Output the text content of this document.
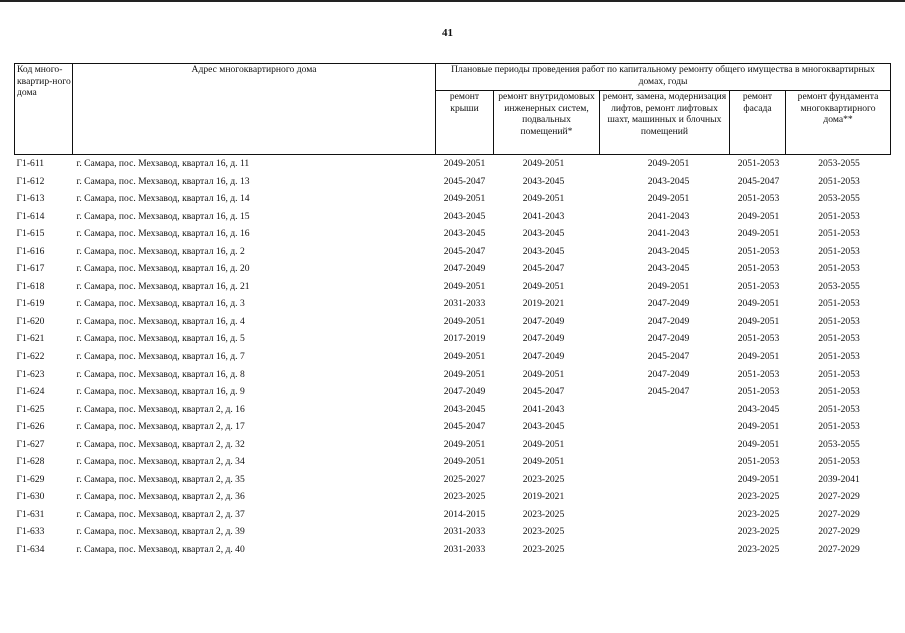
41
Код много-квартир-ного дома	Адрес многоквартирного дома	Плановые периоды проведения работ по капитальному ремонту общего имущества в многоквартирных домах, годы				
		ремонт крыши	ремонт внутридомовых инженерных систем, подвальных помещений*	ремонт, замена, модернизация лифтов, ремонт лифтовых шахт, машинных и блочных помещений	ремонт фасада	ремонт фундамента многоквартирного дома**
Г1-611	г. Самара, пос. Мехзавод, квартал 16, д. 11	2049-2051	2049-2051	2049-2051	2051-2053	2053-2055
Г1-612	г. Самара, пос. Мехзавод, квартал 16, д. 13	2045-2047	2043-2045	2043-2045	2045-2047	2051-2053
Г1-613	г. Самара, пос. Мехзавод, квартал 16, д. 14	2049-2051	2049-2051	2049-2051	2051-2053	2053-2055
Г1-614	г. Самара, пос. Мехзавод, квартал 16, д. 15	2043-2045	2041-2043	2041-2043	2049-2051	2051-2053
Г1-615	г. Самара, пос. Мехзавод, квартал 16, д. 16	2043-2045	2043-2045	2041-2043	2049-2051	2051-2053
Г1-616	г. Самара, пос. Мехзавод, квартал 16, д. 2	2045-2047	2043-2045	2043-2045	2051-2053	2051-2053
Г1-617	г. Самара, пос. Мехзавод, квартал 16, д. 20	2047-2049	2045-2047	2043-2045	2051-2053	2051-2053
Г1-618	г. Самара, пос. Мехзавод, квартал 16, д. 21	2049-2051	2049-2051	2049-2051	2051-2053	2053-2055
Г1-619	г. Самара, пос. Мехзавод, квартал 16, д. 3	2031-2033	2019-2021	2047-2049	2049-2051	2051-2053
Г1-620	г. Самара, пос. Мехзавод, квартал 16, д. 4	2049-2051	2047-2049	2047-2049	2049-2051	2051-2053
Г1-621	г. Самара, пос. Мехзавод, квартал 16, д. 5	2017-2019	2047-2049	2047-2049	2051-2053	2051-2053
Г1-622	г. Самара, пос. Мехзавод, квартал 16, д. 7	2049-2051	2047-2049	2045-2047	2049-2051	2051-2053
Г1-623	г. Самара, пос. Мехзавод, квартал 16, д. 8	2049-2051	2049-2051	2047-2049	2051-2053	2051-2053
Г1-624	г. Самара, пос. Мехзавод, квартал 16, д. 9	2047-2049	2045-2047	2045-2047	2051-2053	2051-2053
Г1-625	г. Самара, пос. Мехзавод, квартал 2, д. 16	2043-2045	2041-2043		2043-2045	2051-2053
Г1-626	г. Самара, пос. Мехзавод, квартал 2, д. 17	2045-2047	2043-2045		2049-2051	2051-2053
Г1-627	г. Самара, пос. Мехзавод, квартал 2, д. 32	2049-2051	2049-2051		2049-2051	2053-2055
Г1-628	г. Самара, пос. Мехзавод, квартал 2, д. 34	2049-2051	2049-2051		2051-2053	2051-2053
Г1-629	г. Самара, пос. Мехзавод, квартал 2, д. 35	2025-2027	2023-2025		2049-2051	2039-2041
Г1-630	г. Самара, пос. Мехзавод, квартал 2, д. 36	2023-2025	2019-2021		2023-2025	2027-2029
Г1-631	г. Самара, пос. Мехзавод, квартал 2, д. 37	2014-2015	2023-2025		2023-2025	2027-2029
Г1-633	г. Самара, пос. Мехзавод, квартал 2, д. 39	2031-2033	2023-2025		2023-2025	2027-2029
Г1-634	г. Самара, пос. Мехзавод, квартал 2, д. 40	2031-2033	2023-2025		2023-2025	2027-2029
